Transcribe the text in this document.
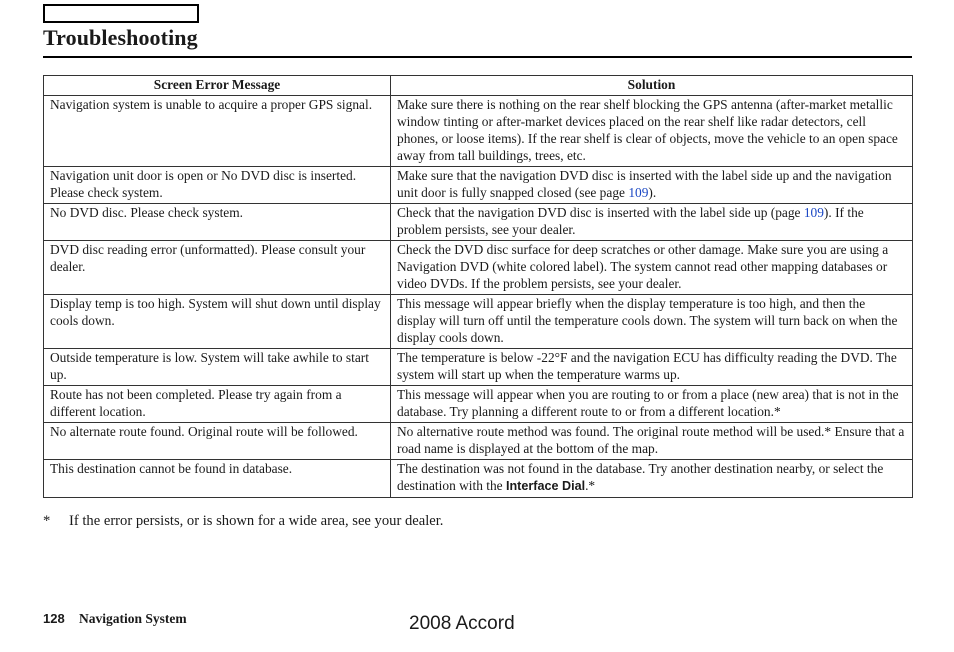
Troubleshooting
Screen Error Message	Solution
Navigation system is unable to acquire a proper GPS signal.	Make sure there is nothing on the rear shelf blocking the GPS antenna (after-market metallic window tinting or after-market devices placed on the rear shelf like radar detectors, cell phones, or loose items). If the rear shelf is clear of objects, move the vehicle to an open space away from tall buildings, trees, etc.
Navigation unit door is open or No DVD disc is inserted. Please check system.	Make sure that the navigation DVD disc is inserted with the label side up and the navigation unit door is fully snapped closed (see page 109).
No DVD disc. Please check system.	Check that the navigation DVD disc is inserted with the label side up (page 109). If the problem persists, see your dealer.
DVD disc reading error (unformatted). Please consult your dealer.	Check the DVD disc surface for deep scratches or other damage. Make sure you are using a Navigation DVD (white colored label). The system cannot read other mapping databases or video DVDs. If the problem persists, see your dealer.
Display temp is too high. System will shut down until display cools down.	This message will appear briefly when the display temperature is too high, and then the display will turn off until the temperature cools down. The system will turn back on when the display cools down.
Outside temperature is low. System will take awhile to start up.	The temperature is below -22°F and the navigation ECU has difficulty reading the DVD. The system will start up when the temperature warms up.
Route has not been completed. Please try again from a different location.	This message will appear when you are routing to or from a place (new area) that is not in the database. Try planning a different route to or from a different location.*
No alternate route found. Original route will be followed.	No alternative route method was found. The original route method will be used.* Ensure that a road name is displayed at the bottom of the map.
This destination cannot be found in database.	The destination was not found in the database. Try another destination nearby, or select the destination with the Interface Dial.*
* If the error persists, or is shown for a wide area, see your dealer.
128 Navigation System	2008 Accord
